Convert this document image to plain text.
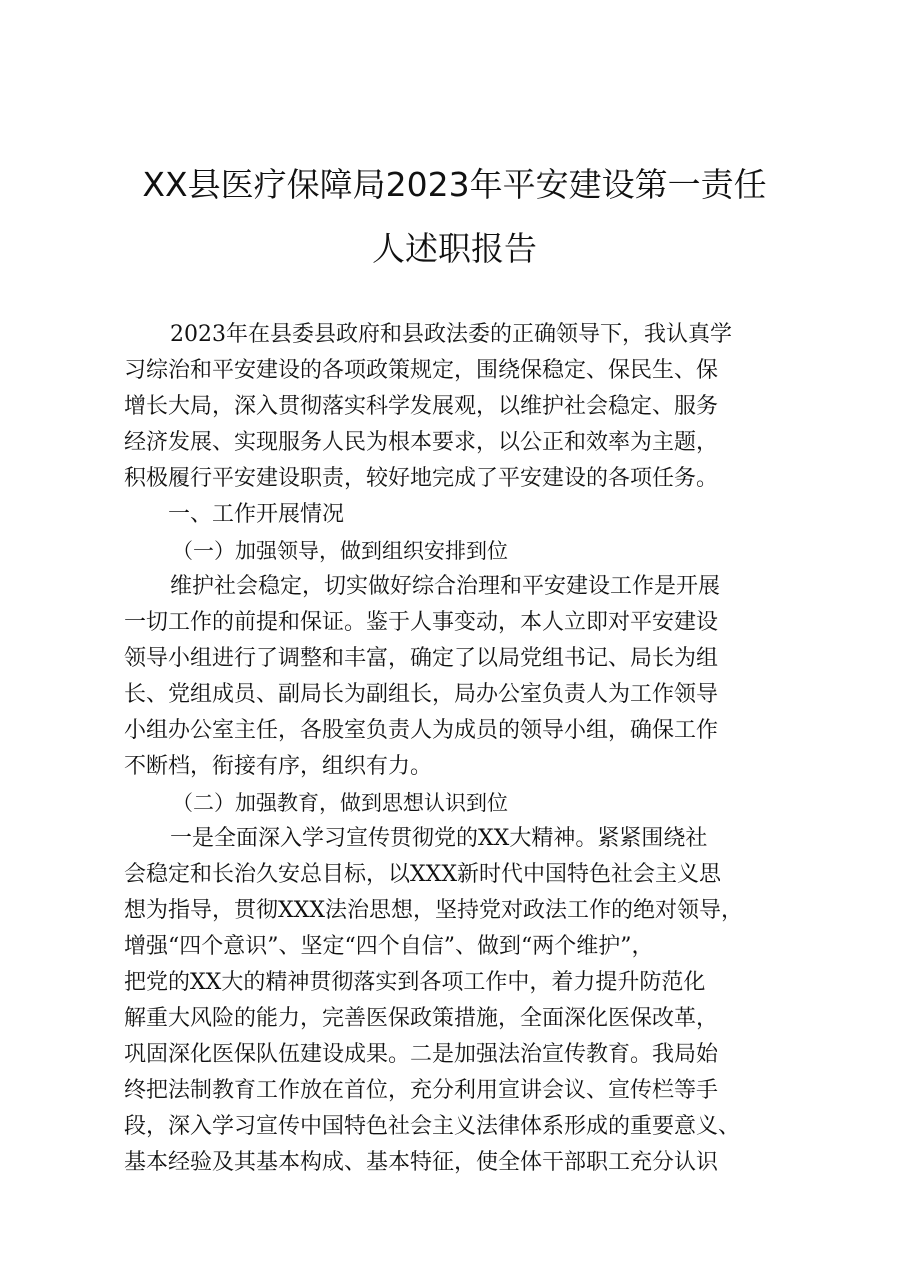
XX县医疗保障局2023年平安建设第一责任
人述职报告
2023年在县委县政府和县政法委的正确领导下，我认真学
习综治和平安建设的各项政策规定，围绕保稳定、保民生、保
增长大局，深入贯彻落实科学发展观，以维护社会稳定、服务
经济发展、实现服务人民为根本要求，以公正和效率为主题，
积极履行平安建设职责，较好地完成了平安建设的各项任务。
一、工作开展情况
（一）加强领导，做到组织安排到位
维护社会稳定，切实做好综合治理和平安建设工作是开展
一切工作的前提和保证。鉴于人事变动，本人立即对平安建设
领导小组进行了调整和丰富，确定了以局党组书记、局长为组
长、党组成员、副局长为副组长，局办公室负责人为工作领导
小组办公室主任，各股室负责人为成员的领导小组，确保工作
不断档，衔接有序，组织有力。
（二）加强教育，做到思想认识到位
一是全面深入学习宣传贯彻党的XX大精神。紧紧围绕社
会稳定和长治久安总目标，以XXX新时代中国特色社会主义思
想为指导，贯彻XXX法治思想，坚持党对政法工作的绝对领导，
增强“四个意识”、坚定“四个自信”、做到“两个维护”，
把党的XX大的精神贯彻落实到各项工作中，着力提升防范化
解重大风险的能力，完善医保政策措施，全面深化医保改革，
巩固深化医保队伍建设成果。二是加强法治宣传教育。我局始
终把法制教育工作放在首位，充分利用宣讲会议、宣传栏等手
段，深入学习宣传中国特色社会主义法律体系形成的重要意义、
基本经验及其基本构成、基本特征，使全体干部职工充分认识
